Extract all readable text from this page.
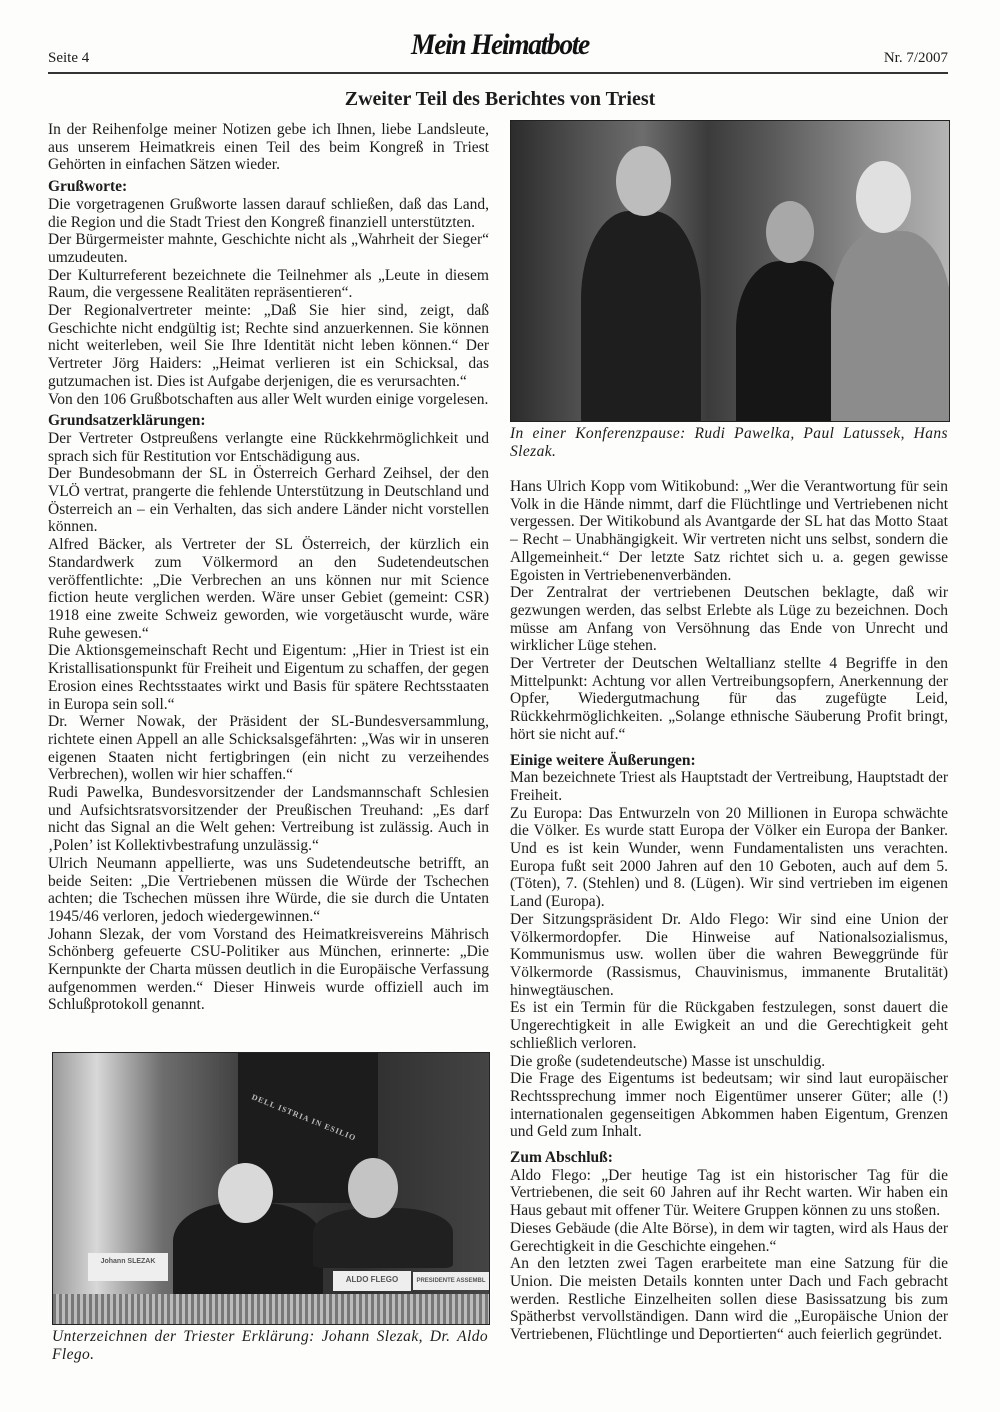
Seite 4	Mein Heimatbote	Nr. 7/2007
Zweiter Teil des Berichtes von Triest

In der Reihenfolge meiner Notizen gebe ich Ihnen, liebe Landsleute, aus unserem Heimatkreis einen Teil des beim Kongreß in Triest Gehörten in einfachen Sätzen wieder.

Grußworte:

Die vorgetragenen Grußworte lassen darauf schließen, daß das Land, die Region und die Stadt Triest den Kongreß finanziell unterstützten.

Der Bürgermeister mahnte, Geschichte nicht als „Wahrheit der Sieger“ umzudeuten.

Der Kulturreferent bezeichnete die Teilnehmer als „Leute in diesem Raum, die vergessene Realitäten repräsentieren“.

Der Regionalvertreter meinte: „Daß Sie hier sind, zeigt, daß Geschichte nicht endgültig ist; Rechte sind anzuerkennen. Sie können nicht weiterleben, weil Sie Ihre Identität nicht leben können.“ Der Vertreter Jörg Haiders: „Heimat verlieren ist ein Schicksal, das gutzumachen ist. Dies ist Aufgabe derjenigen, die es verursachten.“

Von den 106 Grußbotschaften aus aller Welt wurden einige vorgelesen.

Grundsatzerklärungen:

Der Vertreter Ostpreußens verlangte eine Rückkehrmöglichkeit und sprach sich für Restitution vor Entschädigung aus.

Der Bundesobmann der SL in Österreich Gerhard Zeihsel, der den VLÖ vertrat, prangerte die fehlende Unterstützung in Deutschland und Österreich an – ein Verhalten, das sich andere Länder nicht vorstellen können.

Alfred Bäcker, als Vertreter der SL Österreich, der kürzlich ein Standardwerk zum Völkermord an den Sudetendeutschen veröffentlichte: „Die Verbrechen an uns können nur mit Science fiction heute verglichen werden. Wäre unser Gebiet (gemeint: CSR) 1918 eine zweite Schweiz geworden, wie vorgetäuscht wurde, wäre Ruhe gewesen.“

Die Aktionsgemeinschaft Recht und Eigentum: „Hier in Triest ist ein Kristallisationspunkt für Freiheit und Eigentum zu schaffen, der gegen Erosion eines Rechtsstaates wirkt und Basis für spätere Rechtsstaaten in Europa sein soll.“

Dr. Werner Nowak, der Präsident der SL-Bundesversammlung, richtete einen Appell an alle Schicksalsgefährten: „Was wir in unseren eigenen Staaten nicht fertigbringen (ein nicht zu verzeihendes Verbrechen), wollen wir hier schaffen.“

Rudi Pawelka, Bundesvorsitzender der Landsmannschaft Schlesien und Aufsichtsratsvorsitzender der Preußischen Treuhand: „Es darf nicht das Signal an die Welt gehen: Vertreibung ist zulässig. Auch in ‚Polen’ ist Kollektivbestrafung unzulässig.“

Ulrich Neumann appellierte, was uns Sudetendeutsche betrifft, an beide Seiten: „Die Vertriebenen müssen die Würde der Tschechen achten; die Tschechen müssen ihre Würde, die sie durch die Untaten 1945/46 verloren, jedoch wiedergewinnen.“

Johann Slezak, der vom Vorstand des Heimatkreisvereins Mährisch Schönberg gefeuerte CSU-Politiker aus München, erinnerte: „Die Kernpunkte der Charta müssen deutlich in die Europäische Verfassung aufgenommen werden.“ Dieser Hinweis wurde offiziell auch im Schlußprotokoll genannt.

In einer Konferenzpause: Rudi Pawelka, Paul Latussek, Hans Slezak.
DELL ISTRIA IN ESILIO
Johann SLEZAK
ALDO FLEGO	PRESIDENTE ASSEMBL
Unterzeichnen der Triester Erklärung: Johann Slezak, Dr. Aldo Flego.

Hans Ulrich Kopp vom Witikobund: „Wer die Verantwortung für sein Volk in die Hände nimmt, darf die Flüchtlinge und Vertriebenen nicht vergessen. Der Witikobund als Avantgarde der SL hat das Motto Staat – Recht – Unabhängigkeit. Wir vertreten nicht uns selbst, sondern die Allgemeinheit.“ Der letzte Satz richtet sich u. a. gegen gewisse Egoisten in Vertriebenenverbänden.

Der Zentralrat der vertriebenen Deutschen beklagte, daß wir gezwungen werden, das selbst Erlebte als Lüge zu bezeichnen. Doch müsse am Anfang von Versöhnung das Ende von Unrecht und wirklicher Lüge stehen.

Der Vertreter der Deutschen Weltallianz stellte 4 Begriffe in den Mittelpunkt: Achtung vor allen Vertreibungsopfern, Anerkennung der Opfer, Wiedergutmachung für das zugefügte Leid, Rückkehrmöglichkeiten. „Solange ethnische Säuberung Profit bringt, hört sie nicht auf.“

Einige weitere Äußerungen:

Man bezeichnete Triest als Hauptstadt der Vertreibung, Hauptstadt der Freiheit.

Zu Europa: Das Entwurzeln von 20 Millionen in Europa schwächte die Völker. Es wurde statt Europa der Völker ein Europa der Banker. Und es ist kein Wunder, wenn Fundamentalisten uns verachten. Europa fußt seit 2000 Jahren auf den 10 Geboten, auch auf dem 5. (Töten), 7. (Stehlen) und 8. (Lügen). Wir sind vertrieben im eigenen Land (Europa).

Der Sitzungspräsident Dr. Aldo Flego: Wir sind eine Union der Völkermordopfer. Die Hinweise auf Nationalsozialismus, Kommunismus usw. wollen über die wahren Beweggründe für Völkermorde (Rassismus, Chauvinismus, immanente Brutalität) hinwegtäuschen.

Es ist ein Termin für die Rückgaben festzulegen, sonst dauert die Ungerechtigkeit in alle Ewigkeit an und die Gerechtigkeit geht schließlich verloren.

Die große (sudetendeutsche) Masse ist unschuldig.

Die Frage des Eigentums ist bedeutsam; wir sind laut europäischer Rechtssprechung immer noch Eigentümer unserer Güter; alle (!) internationalen gegenseitigen Abkommen haben Eigentum, Grenzen und Geld zum Inhalt.

Zum Abschluß:

Aldo Flego: „Der heutige Tag ist ein historischer Tag für die Vertriebenen, die seit 60 Jahren auf ihr Recht warten. Wir haben ein Haus gebaut mit offener Tür. Weitere Gruppen können zu uns stoßen.

Dieses Gebäude (die Alte Börse), in dem wir tagten, wird als Haus der Gerechtigkeit in die Geschichte eingehen.“

An den letzten zwei Tagen erarbeitete man eine Satzung für die Union. Die meisten Details konnten unter Dach und Fach gebracht werden. Restliche Einzelheiten sollen diese Basissatzung bis zum Spätherbst vervollständigen. Dann wird die „Europäische Union der Vertriebenen, Flüchtlinge und Deportierten“ auch feierlich gegründet.
